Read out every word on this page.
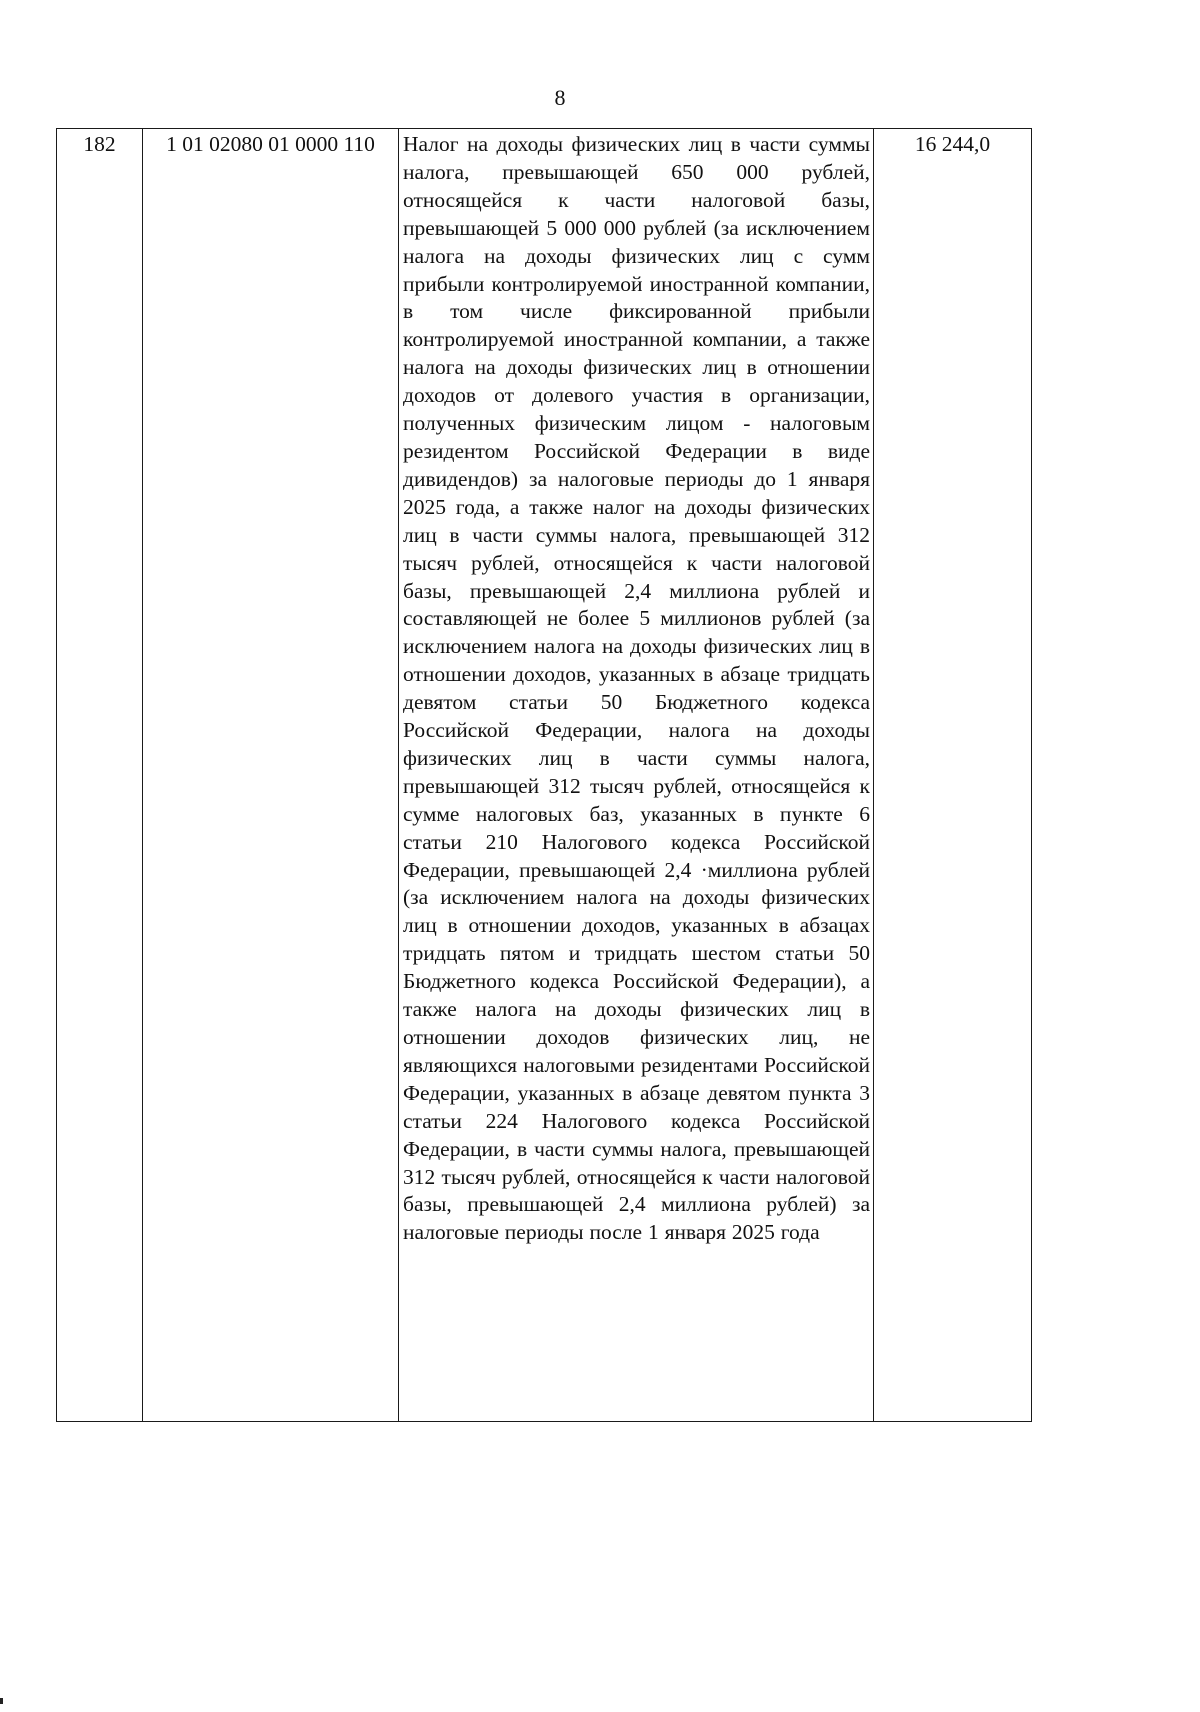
8
182	1 01 02080 01 0000 110	Налог на доходы физических лиц в части суммы налога, превышающей 650 000 рублей, относящейся к части налоговой базы, превышающей 5 000 000 рублей (за исключением налога на доходы физических лиц с сумм прибыли контролируемой иностранной компании, в том числе фиксированной прибыли контролируемой иностранной компании, а также налога на доходы физических лиц в отношении доходов от долевого участия в организации, полученных физическим лицом - налоговым резидентом Российской Федерации в виде дивидендов) за налоговые периоды до 1 января 2025 года, а также налог на доходы физических лиц в части суммы налога, превышающей 312 тысяч рублей, относящейся к части налоговой базы, превышающей 2,4 миллиона рублей и составляющей не более 5 миллионов рублей (за исключением налога на доходы физических лиц в отношении доходов, указанных в абзаце тридцать девятом статьи 50 Бюджетного кодекса Российской Федерации, налога на доходы физических лиц в части суммы налога, превышающей 312 тысяч рублей, относящейся к сумме налоговых баз, указанных в пункте 6 статьи 210 Налогового кодекса Российской Федерации, превышающей 2,4 ·миллиона рублей (за исключением налога на доходы физических лиц в отношении доходов, указанных в абзацах тридцать пятом и тридцать шестом статьи 50 Бюджетного кодекса Российской Федерации), а также налога на доходы физических лиц в отношении доходов физических лиц, не являющихся налоговыми резидентами Российской Федерации, указанных в абзаце девятом пункта 3 статьи 224 Налогового кодекса Российской Федерации, в части суммы налога, превышающей 312 тысяч рублей, относящейся к части налоговой базы, превышающей 2,4 миллиона рублей) за налоговые периоды после 1 января 2025 года	16 244,0
